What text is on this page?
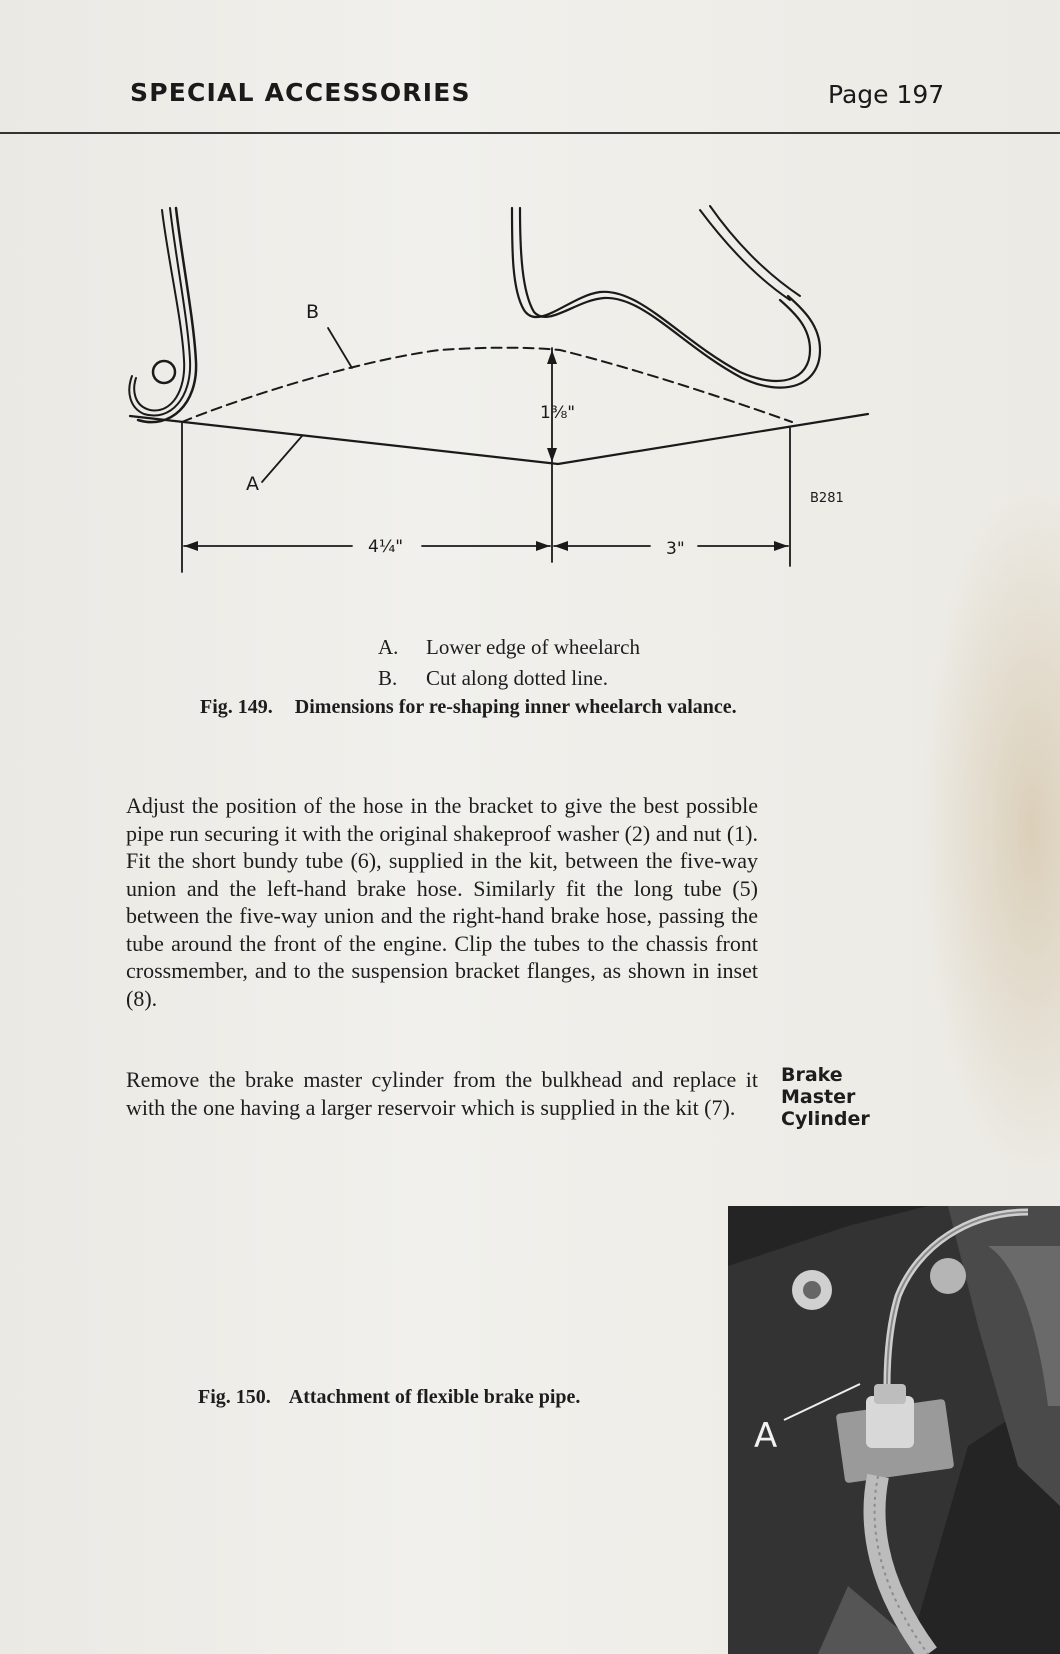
SPECIAL ACCESSORIES	Page 197
B
A
1⅜"
4¼"	3"
B281
A. Lower edge of wheelarch
B. Cut along dotted line.
Fig. 149. Dimensions for re-shaping inner wheelarch valance.
Adjust the position of the hose in the bracket to give the best possible pipe run securing it with the original shakeproof washer (2) and nut (1). Fit the short bundy tube (6), supplied in the kit, between the five-way union and the left-hand brake hose. Similarly fit the long tube (5) between the five-way union and the right-hand brake hose, passing the tube around the front of the engine. Clip the tubes to the chassis front crossmember, and to the suspension bracket flanges, as shown in inset (8).
Remove the brake master cylinder from the bulkhead and replace it with the one having a larger reservoir which is supplied in the kit (7).
Brake
Master
Cylinder
Fig. 150. Attachment of flexible brake pipe.
A
